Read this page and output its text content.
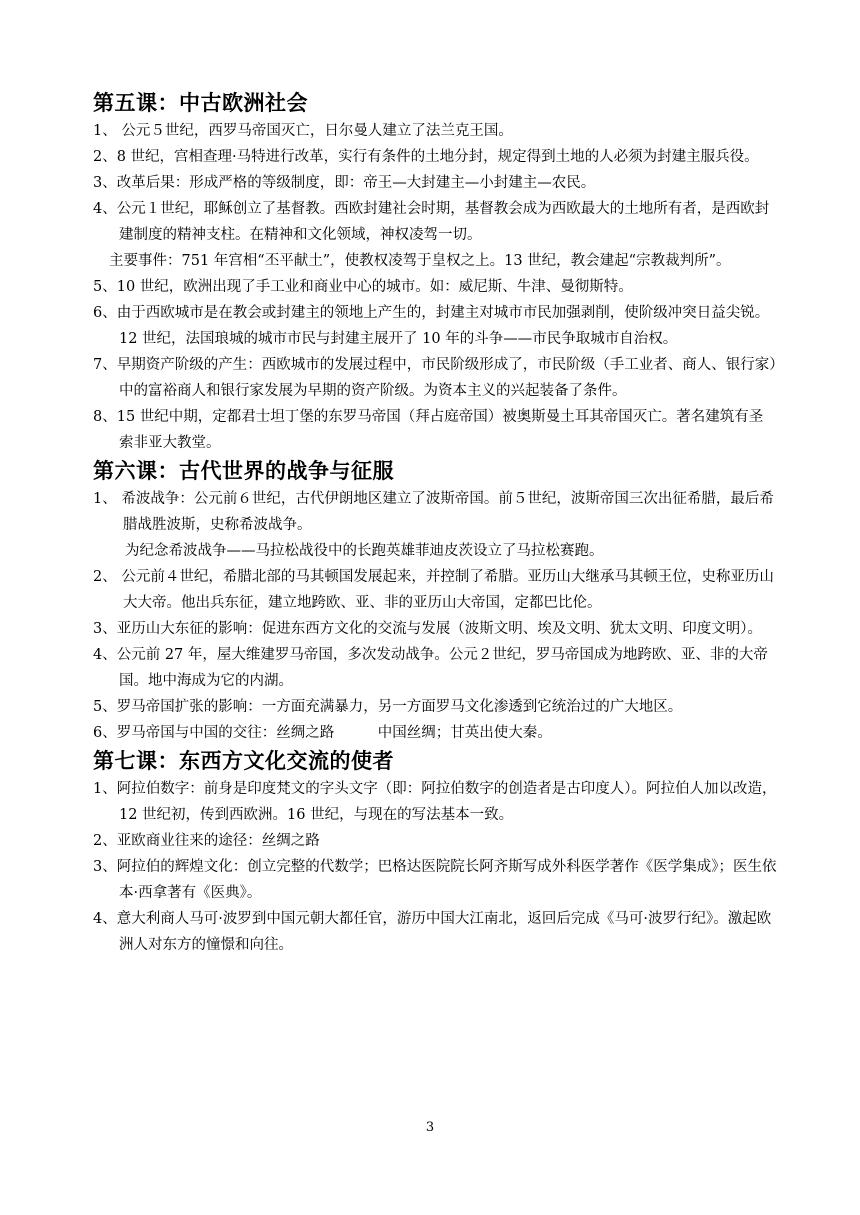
第五课：中古欧洲社会

1、 公元５世纪，西罗马帝国灭亡，日尔曼人建立了法兰克王国。

2、8 世纪，宫相查理·马特进行改革，实行有条件的土地分封，规定得到土地的人必须为封建主服兵役。

3、改革后果：形成严格的等级制度，即：帝王—大封建主—小封建主—农民。

4、公元１世纪，耶稣创立了基督教。西欧封建社会时期，基督教会成为西欧最大的土地所有者，是西欧封建制度的精神支柱。在精神和文化领域，神权凌驾一切。

主要事件：751 年宫相“丕平献土”，使教权凌驾于皇权之上。13 世纪，教会建起“宗教裁判所”。

5、10 世纪，欧洲出现了手工业和商业中心的城市。如：威尼斯、牛津、曼彻斯特。

6、由于西欧城市是在教会或封建主的领地上产生的，封建主对城市市民加强剥削，使阶级冲突日益尖锐。12 世纪，法国琅城的城市市民与封建主展开了 10 年的斗争——市民争取城市自治权。

7、早期资产阶级的产生：西欧城市的发展过程中，市民阶级形成了，市民阶级（手工业者、商人、银行家）中的富裕商人和银行家发展为早期的资产阶级。为资本主义的兴起装备了条件。

8、15 世纪中期，定都君士坦丁堡的东罗马帝国（拜占庭帝国）被奥斯曼土耳其帝国灭亡。著名建筑有圣索非亚大教堂。

第六课：古代世界的战争与征服

1、 希波战争：公元前６世纪，古代伊朗地区建立了波斯帝国。前５世纪，波斯帝国三次出征希腊，最后希腊战胜波斯，史称希波战争。

为纪念希波战争——马拉松战役中的长跑英雄菲迪皮茨设立了马拉松赛跑。

2、 公元前４世纪，希腊北部的马其顿国发展起来，并控制了希腊。亚历山大继承马其顿王位，史称亚历山大大帝。他出兵东征，建立地跨欧、亚、非的亚历山大帝国，定都巴比伦。

3、亚历山大东征的影响：促进东西方文化的交流与发展（波斯文明、埃及文明、犹太文明、印度文明）。

4、公元前 27 年，屋大维建罗马帝国，多次发动战争。公元２世纪，罗马帝国成为地跨欧、亚、非的大帝国。地中海成为它的内湖。

5、罗马帝国扩张的影响：一方面充满暴力，另一方面罗马文化渗透到它统治过的广大地区。

6、罗马帝国与中国的交往：丝绸之路　　　中国丝绸；甘英出使大秦。

第七课：东西方文化交流的使者

1、阿拉伯数字：前身是印度梵文的字头文字（即：阿拉伯数字的创造者是古印度人）。阿拉伯人加以改造，12 世纪初，传到西欧洲。16 世纪，与现在的写法基本一致。

2、亚欧商业往来的途径：丝绸之路

3、阿拉伯的辉煌文化：创立完整的代数学；巴格达医院院长阿齐斯写成外科医学著作《医学集成》；医生依本·西拿著有《医典》。

4、意大利商人马可·波罗到中国元朝大都任官，游历中国大江南北，返回后完成《马可·波罗行纪》。激起欧洲人对东方的憧憬和向往。

3
